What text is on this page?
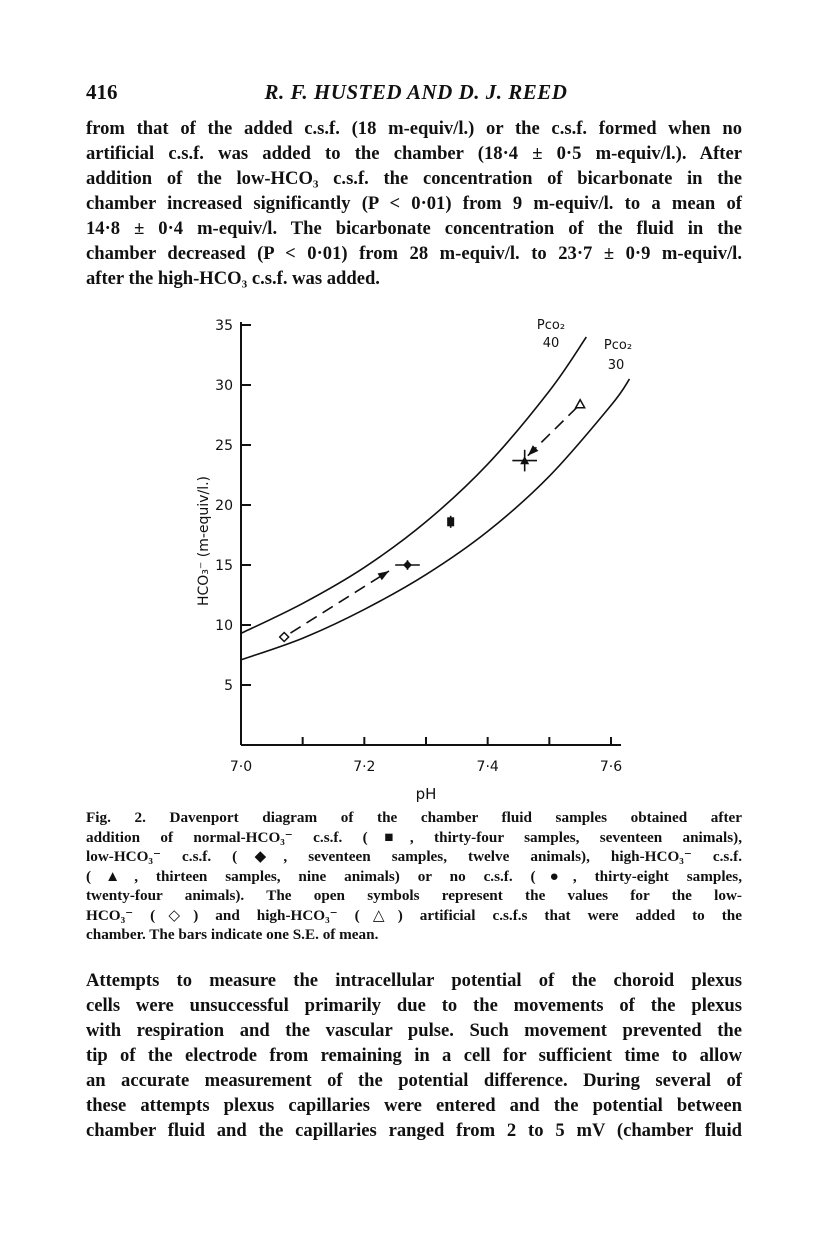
416	R. F. HUSTED AND D. J. REED
from that of the added c.s.f. (18 m-equiv/l.) or the c.s.f. formed when no
artificial c.s.f. was added to the chamber (18·4 ± 0·5 m-equiv/l.). After
addition of the low-HCO₃ c.s.f. the concentration of bicarbonate in the
chamber increased significantly (P < 0·01) from 9 m-equiv/l. to a mean of
14·8 ± 0·4 m-equiv/l. The bicarbonate concentration of the fluid in the
chamber decreased (P < 0·01) from 28 m-equiv/l. to 23·7 ± 0·9 m-equiv/l.
after the high-HCO₃ c.s.f. was added.
5
10
15
20
25
30
35
7·0	7·2	7·4	7·6
pH
HCO₃⁻ (m-equiv/l.)
Pco₂
40	Pco₂
30
Fig. 2. Davenport diagram of the chamber fluid samples obtained after
addition of normal-HCO₃⁻ c.s.f. (■, thirty-four samples, seventeen animals),
low-HCO₃⁻ c.s.f. (◆, seventeen samples, twelve animals), high-HCO₃⁻ c.s.f.
(▲, thirteen samples, nine animals) or no c.s.f. (●, thirty-eight samples,
twenty-four animals). The open symbols represent the values for the low-
HCO₃⁻ (◇) and high-HCO₃⁻ (△) artificial c.s.f.s that were added to the
chamber. The bars indicate one S.E. of mean.
Attempts to measure the intracellular potential of the choroid plexus
cells were unsuccessful primarily due to the movements of the plexus
with respiration and the vascular pulse. Such movement prevented the
tip of the electrode from remaining in a cell for sufficient time to allow
an accurate measurement of the potential difference. During several of
these attempts plexus capillaries were entered and the potential between
chamber fluid and the capillaries ranged from 2 to 5 mV (chamber fluid
